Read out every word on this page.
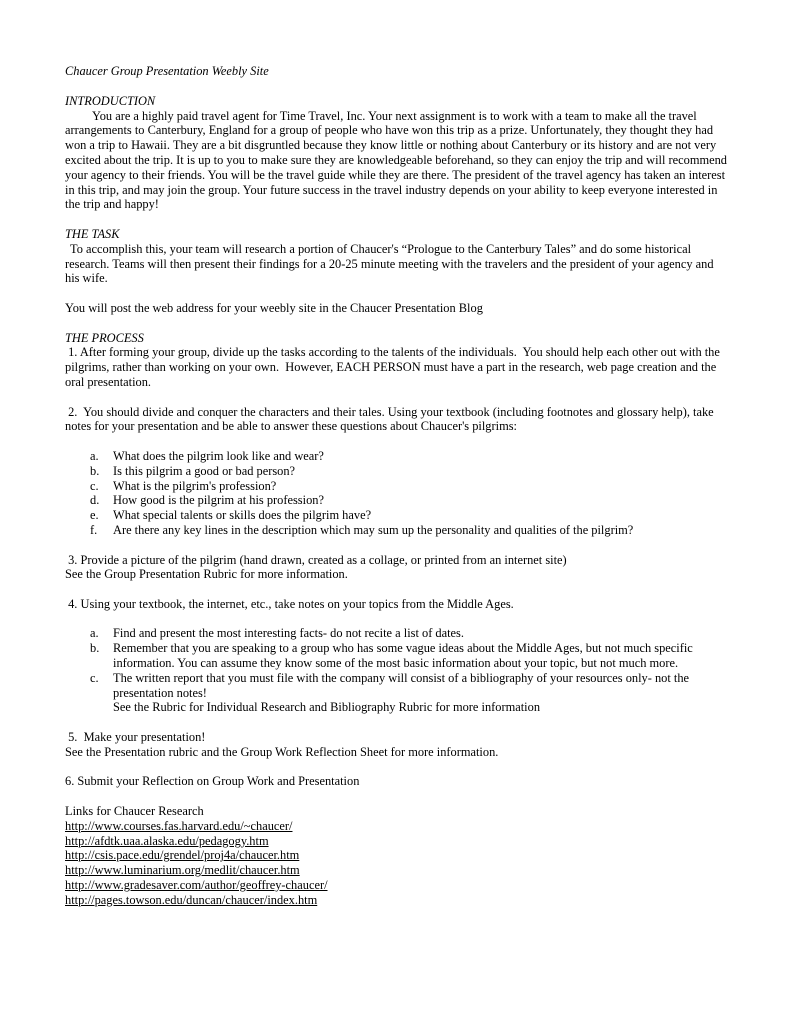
Chaucer Group Presentation Weebly Site

INTRODUCTION

You are a highly paid travel agent for Time Travel, Inc. Your next assignment is to work with a team to make all the travel arrangements to Canterbury, England for a group of people who have won this trip as a prize. Unfortunately, they thought they had won a trip to Hawaii. They are a bit disgruntled because they know little or nothing about Canterbury or its history and are not very excited about the trip. It is up to you to make sure they are knowledgeable beforehand, so they can enjoy the trip and will recommend your agency to their friends. You will be the travel guide while they are there. The president of the travel agency has taken an interest in this trip, and may join the group. Your future success in the travel industry depends on your ability to keep everyone interested in the trip and happy!

THE TASK

To accomplish this, your team will research a portion of Chaucer's “Prologue to the Canterbury Tales” and do some historical research. Teams will then present their findings for a 20-25 minute meeting with the travelers and the president of your agency and his wife.

You will post the web address for your weebly site in the Chaucer Presentation Blog

THE PROCESS

1. After forming your group, divide up the tasks according to the talents of the individuals.  You should help each other out with the pilgrims, rather than working on your own.  However, EACH PERSON must have a part in the research, web page creation and the oral presentation.

2.  You should divide and conquer the characters and their tales. Using your textbook (including footnotes and glossary help), take notes for your presentation and be able to answer these questions about Chaucer's pilgrims:

a. What does the pilgrim look like and wear?
b. Is this pilgrim a good or bad person?
c. What is the pilgrim's profession?
d. How good is the pilgrim at his profession?
e. What special talents or skills does the pilgrim have?
f. Are there any key lines in the description which may sum up the personality and qualities of the pilgrim?

3. Provide a picture of the pilgrim (hand drawn, created as a collage, or printed from an internet site)

See the Group Presentation Rubric for more information.

4. Using your textbook, the internet, etc., take notes on your topics from the Middle Ages.

a. Find and present the most interesting facts- do not recite a list of dates.
b. Remember that you are speaking to a group who has some vague ideas about the Middle Ages, but not much specific information. You can assume they know some of the most basic information about your topic, but not much more.
c. The written report that you must file with the company will consist of a bibliography of your resources only- not the presentation notes!

See the Rubric for Individual Research and Bibliography Rubric for more information

5.  Make your presentation!

See the Presentation rubric and the Group Work Reflection Sheet for more information.

6. Submit your Reflection on Group Work and Presentation

Links for Chaucer Research
http://www.courses.fas.harvard.edu/~chaucer/
http://afdtk.uaa.alaska.edu/pedagogy.htm
http://csis.pace.edu/grendel/proj4a/chaucer.htm
http://www.luminarium.org/medlit/chaucer.htm
http://www.gradesaver.com/author/geoffrey-chaucer/
http://pages.towson.edu/duncan/chaucer/index.htm
